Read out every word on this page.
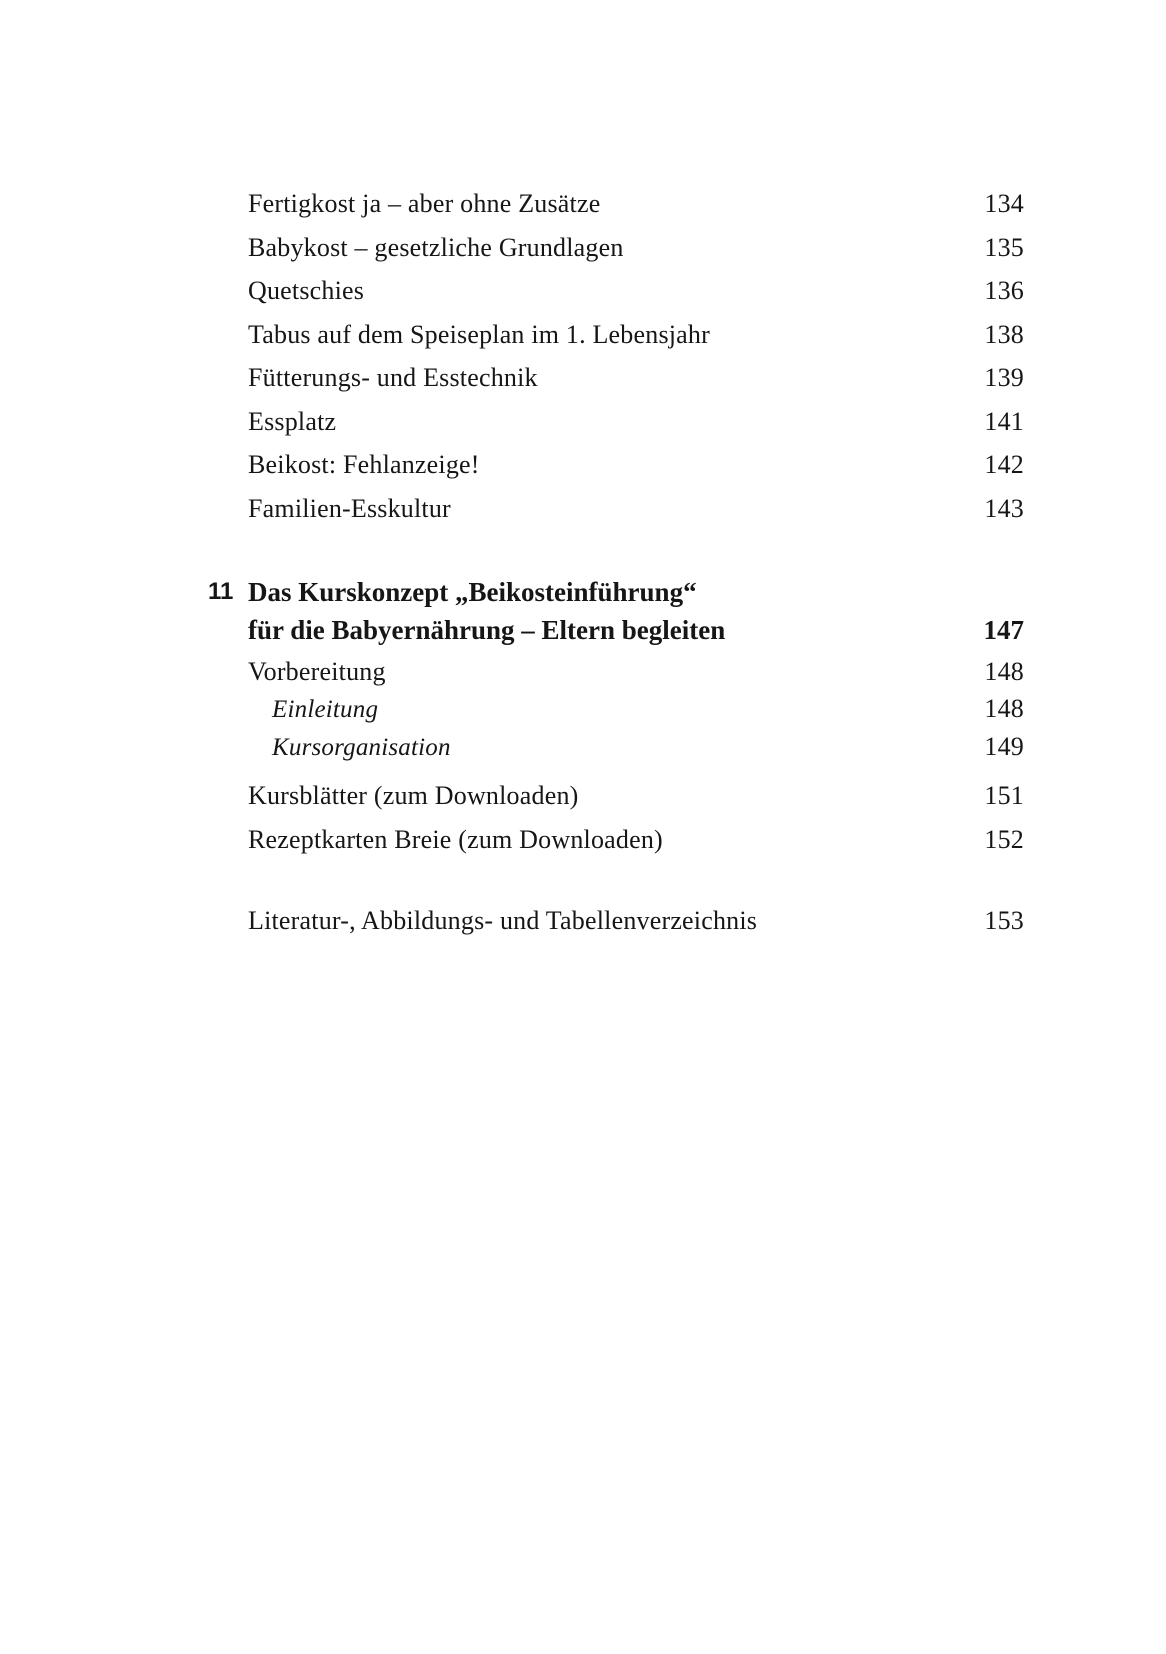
Fertigkost ja – aber ohne Zusätze	134
Babykost – gesetzliche Grundlagen	135
Quetschies	136
Tabus auf dem Speiseplan im 1. Lebensjahr	138
Fütterungs- und Esstechnik	139
Essplatz	141
Beikost: Fehlanzeige!	142
Familien-Esskultur	143
11 Das Kurskonzept „Beikosteinführung“
für die Babyernährung – Eltern begleiten	147
Vorbereitung	148
Einleitung	148
Kursorganisation	149
Kursblätter (zum Downloaden)	151
Rezeptkarten Breie (zum Downloaden)	152
Literatur-, Abbildungs- und Tabellenverzeichnis	153
